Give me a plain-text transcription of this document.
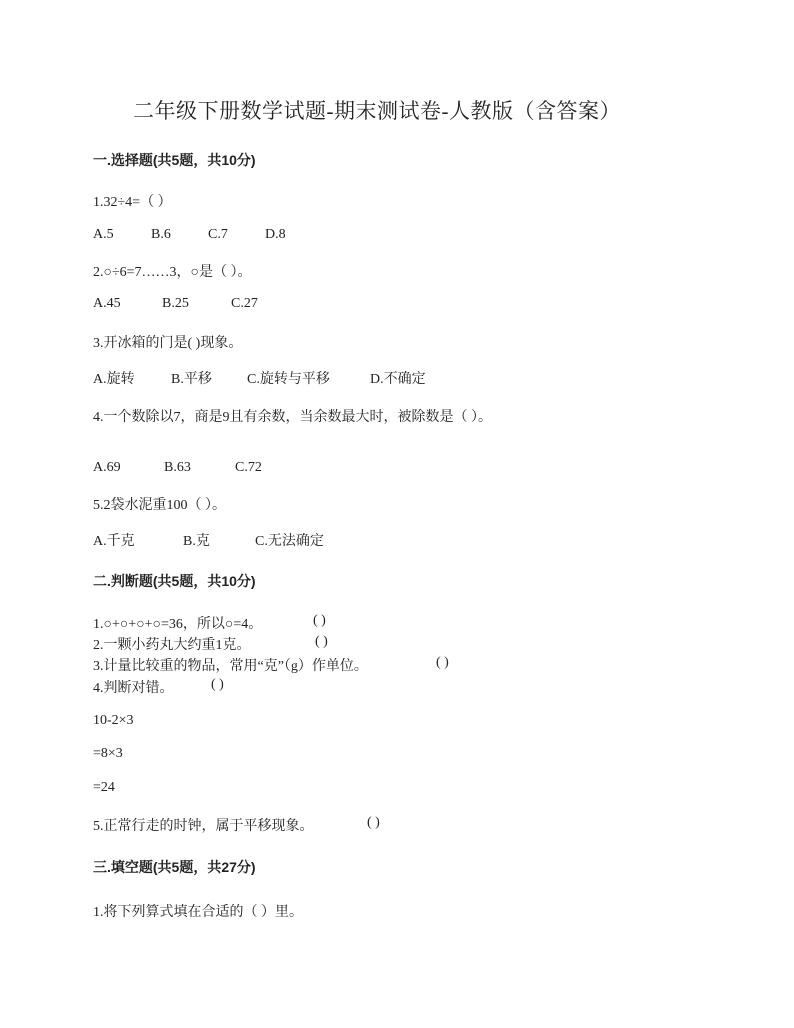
二年级下册数学试题-期末测试卷-人教版（含答案）
一.选择题(共5题，共10分)
1.32÷4=（ ）
A.5	B.6	C.7	D.8
2.○÷6=7……3，○是（ ）。
A.45	B.25	C.27
3.开冰箱的门是( )现象。
A.旋转	B.平移	C.旋转与平移	D.不确定
4.一个数除以7，商是9且有余数，当余数最大时，被除数是（ ）。
A.69	B.63	C.72
5.2袋水泥重100（ ）。
A.千克	B.克	C.无法确定
二.判断题(共5题，共10分)
1.○+○+○+○=36，所以○=4。	( )
2.一颗小药丸大约重1克。	( )
3.计量比较重的物品，常用“克”（g）作单位。	( )
4.判断对错。	( )
10-2×3
=8×3
=24
5.正常行走的时钟，属于平移现象。	( )
三.填空题(共5题，共27分)
1.将下列算式填在合适的（ ）里。
